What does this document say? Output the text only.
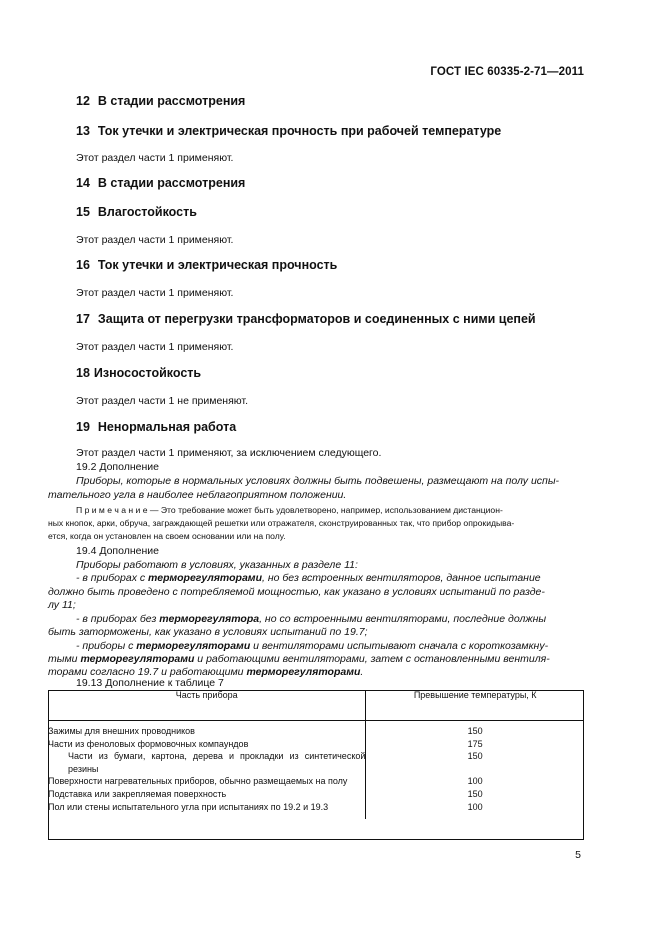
ГОСТ IEC 60335-2-71—2011
12 В стадии рассмотрения
13 Ток утечки и электрическая прочность при рабочей температуре
Этот раздел части 1 применяют.
14 В стадии рассмотрения
15 Влагостойкость
Этот раздел части 1 применяют.
16 Ток утечки и электрическая прочность
Этот раздел части 1 применяют.
17 Защита от перегрузки трансформаторов и соединенных с ними цепей
Этот раздел части 1 применяют.
18 Износостойкость
Этот раздел части 1 не применяют.
19 Ненормальная работа
Этот раздел части 1 применяют, за исключением следующего.
19.2 Дополнение
Приборы, которые в нормальных условиях должны быть подвешены, размещают на полу испы-
тательного угла в наиболее неблагоприятном положении.
П р и м е ч а н и е — Это требование может быть удовлетворено, например, использованием дистанцион-
ных кнопок, арки, обруча, заграждающей решетки или отражателя, сконструированных так, что прибор опрокидыва-
ется, когда он установлен на своем основании или на полу.
19.4 Дополнение
Приборы работают в условиях, указанных в разделе 11:
- в приборах с терморегуляторами, но без встроенных вентиляторов, данное испытание
должно быть проведено с потребляемой мощностью, как указано в условиях испытаний по разде-
лу 11;
- в приборах без терморегулятора, но со встроенными вентиляторами, последние должны
быть заторможены, как указано в условиях испытаний по 19.7;
- приборы с терморегуляторами и вентиляторами испытывают сначала с короткозамкну-
тыми терморегуляторами и работающими вентиляторами, затем с остановленными вентиля-
торами согласно 19.7 и работающими терморегуляторами.
19.13 Дополнение к таблице 7
Часть прибора	Превышение температуры, К
Зажимы для внешних проводников	150
Части из феноловых формовочных компаундов	175

Части из бумаги, картона, дерева и прокладки из синтетической резины	150
Поверхности нагревательных приборов, обычно размещаемых на полу	100
Подставка или закрепляемая поверхность	150
Пол или стены испытательного угла при испытаниях по 19.2 и 19.3	100
5
